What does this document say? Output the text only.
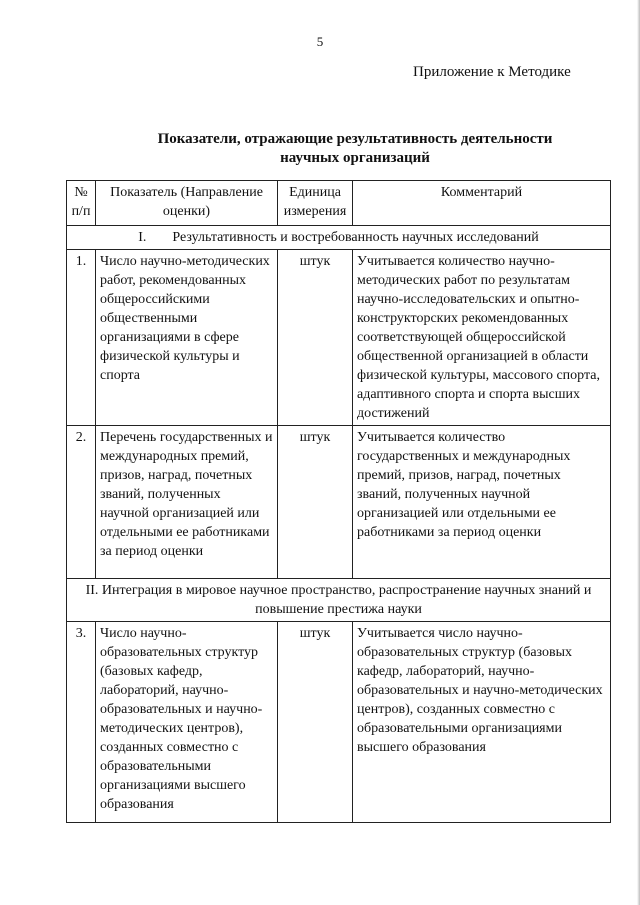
5
Приложение к Методике
Показатели, отражающие результативность деятельности
научных организаций
№ п/п	Показатель (Направление оценки)	Единица измерения	Комментарий
I. Результативность и востребованность научных исследований			
1.	Число научно-методических работ, рекомендованных общероссийскими общественными организациями в сфере физической культуры и спорта	штук	Учитывается количество научно-методических работ по результатам научно-исследовательских и опытно-конструкторских рекомендованных соответствующей общероссийской общественной организацией в области физической культуры, массового спорта, адаптивного спорта и спорта высших достижений
2.	Перечень государственных и международных премий, призов, наград, почетных званий, полученных научной организацией или отдельными ее работниками за период оценки	штук	Учитывается количество государственных и международных премий, призов, наград, почетных званий, полученных научной организацией или отдельными ее работниками за период оценки
II. Интеграция в мировое научное пространство, распространение научных знаний и повышение престижа науки			
3.	Число научно-образовательных структур (базовых кафедр, лабораторий, научно-образовательных и научно-методических центров), созданных совместно с образовательными организациями высшего образования	штук	Учитывается число научно-образовательных структур (базовых кафедр, лабораторий, научно-образовательных и научно-методических центров), созданных совместно с образовательными организациями высшего образования
